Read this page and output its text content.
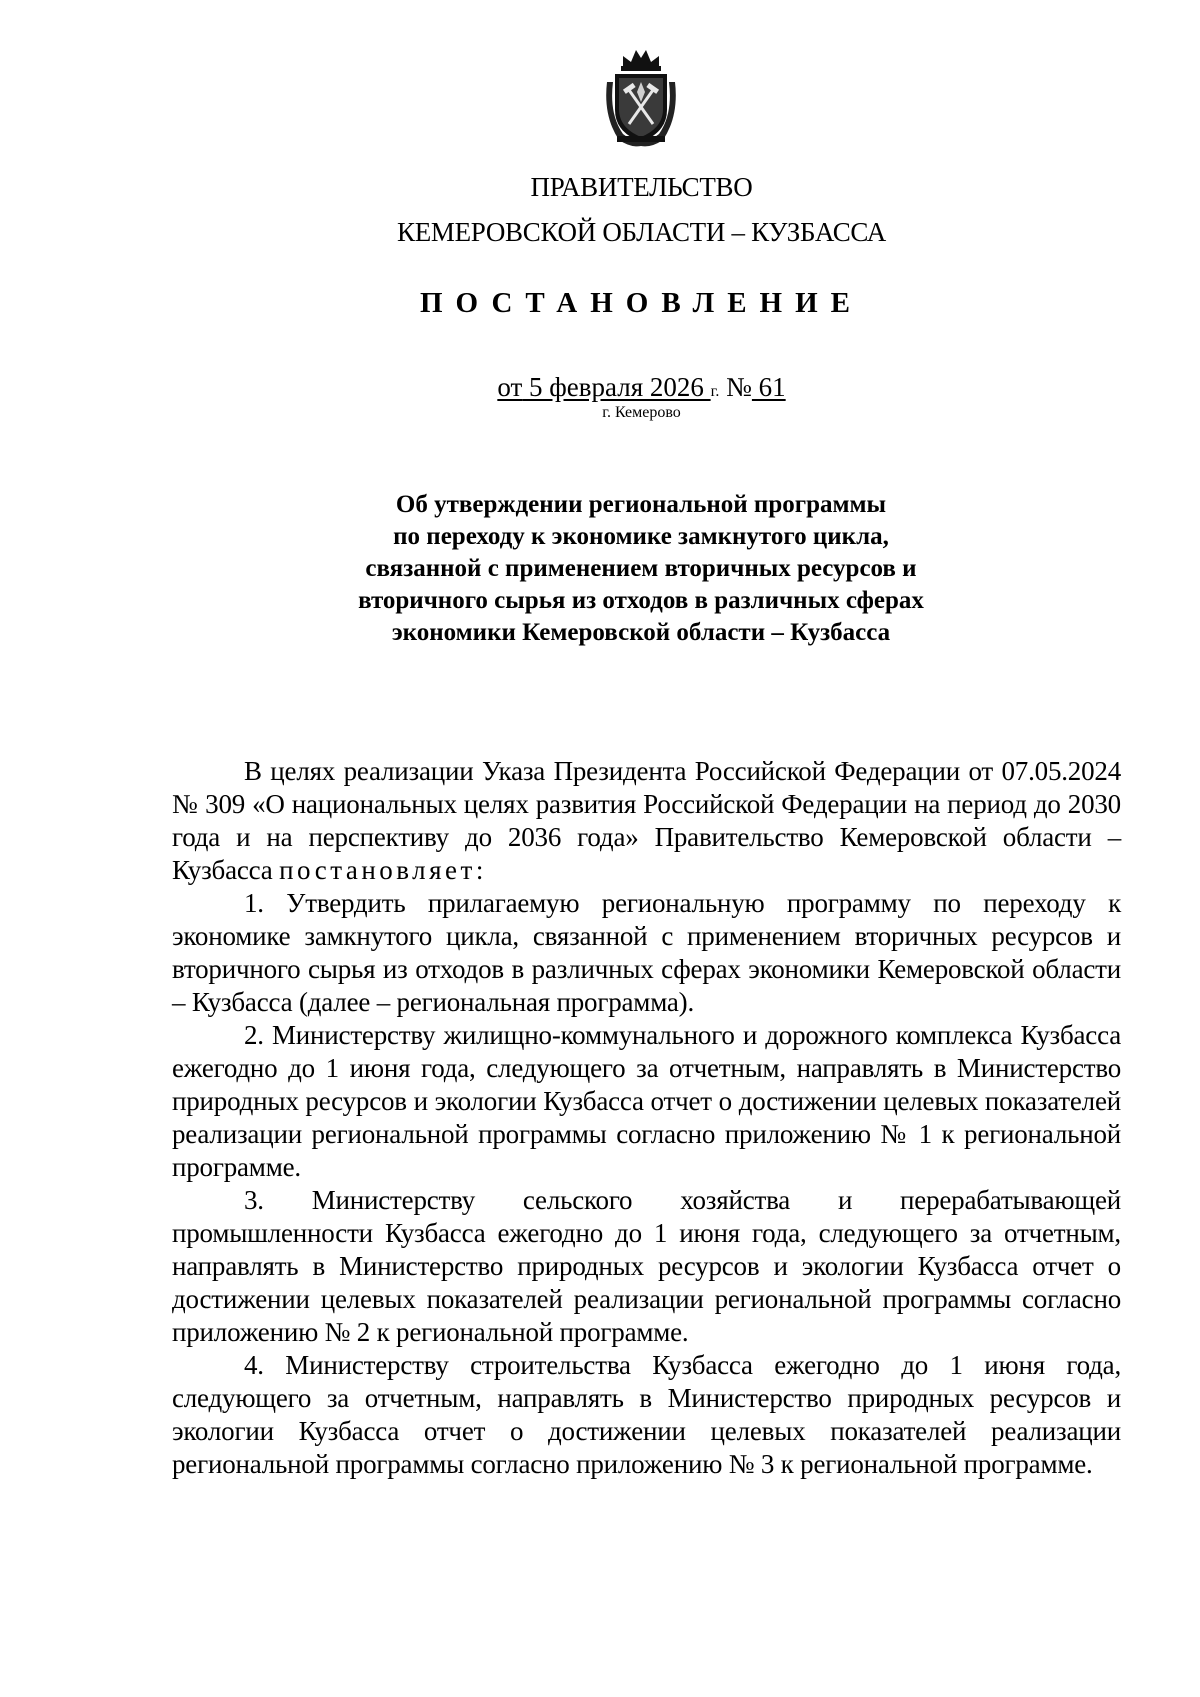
ПРАВИТЕЛЬСТВО
КЕМЕРОВСКОЙ ОБЛАСТИ – КУЗБАССА
ПОСТАНОВЛЕНИЕ
от 5 февраля 2026 г. № 61
г. Кемерово
Об утверждении региональной программы
по переходу к экономике замкнутого цикла,
связанной с применением вторичных ресурсов и
вторичного сырья из отходов в различных сферах
экономики Кемеровской области – Кузбасса

В целях реализации Указа Президента Российской Федерации от 07.05.2024 № 309 «О национальных целях развития Российской Федерации на период до 2030 года и на перспективу до 2036 года» Правительство Кемеровской области – Кузбасса постановляет:

1. Утвердить прилагаемую региональную программу по переходу к экономике замкнутого цикла, связанной с применением вторичных ресурсов и вторичного сырья из отходов в различных сферах экономики Кемеровской области – Кузбасса (далее – региональная программа).

2. Министерству жилищно-коммунального и дорожного комплекса Кузбасса ежегодно до 1 июня года, следующего за отчетным, направлять в Министерство природных ресурсов и экологии Кузбасса отчет о достижении целевых показателей реализации региональной программы согласно приложению № 1 к региональной программе.

3. Министерству сельского хозяйства и перерабатывающей промышленности Кузбасса ежегодно до 1 июня года, следующего за отчетным, направлять в Министерство природных ресурсов и экологии Кузбасса отчет о достижении целевых показателей реализации региональной программы согласно приложению № 2 к региональной программе.

4. Министерству строительства Кузбасса ежегодно до 1 июня года, следующего за отчетным, направлять в Министерство природных ресурсов и экологии Кузбасса отчет о достижении целевых показателей реализации региональной программы согласно приложению № 3 к региональной программе.
